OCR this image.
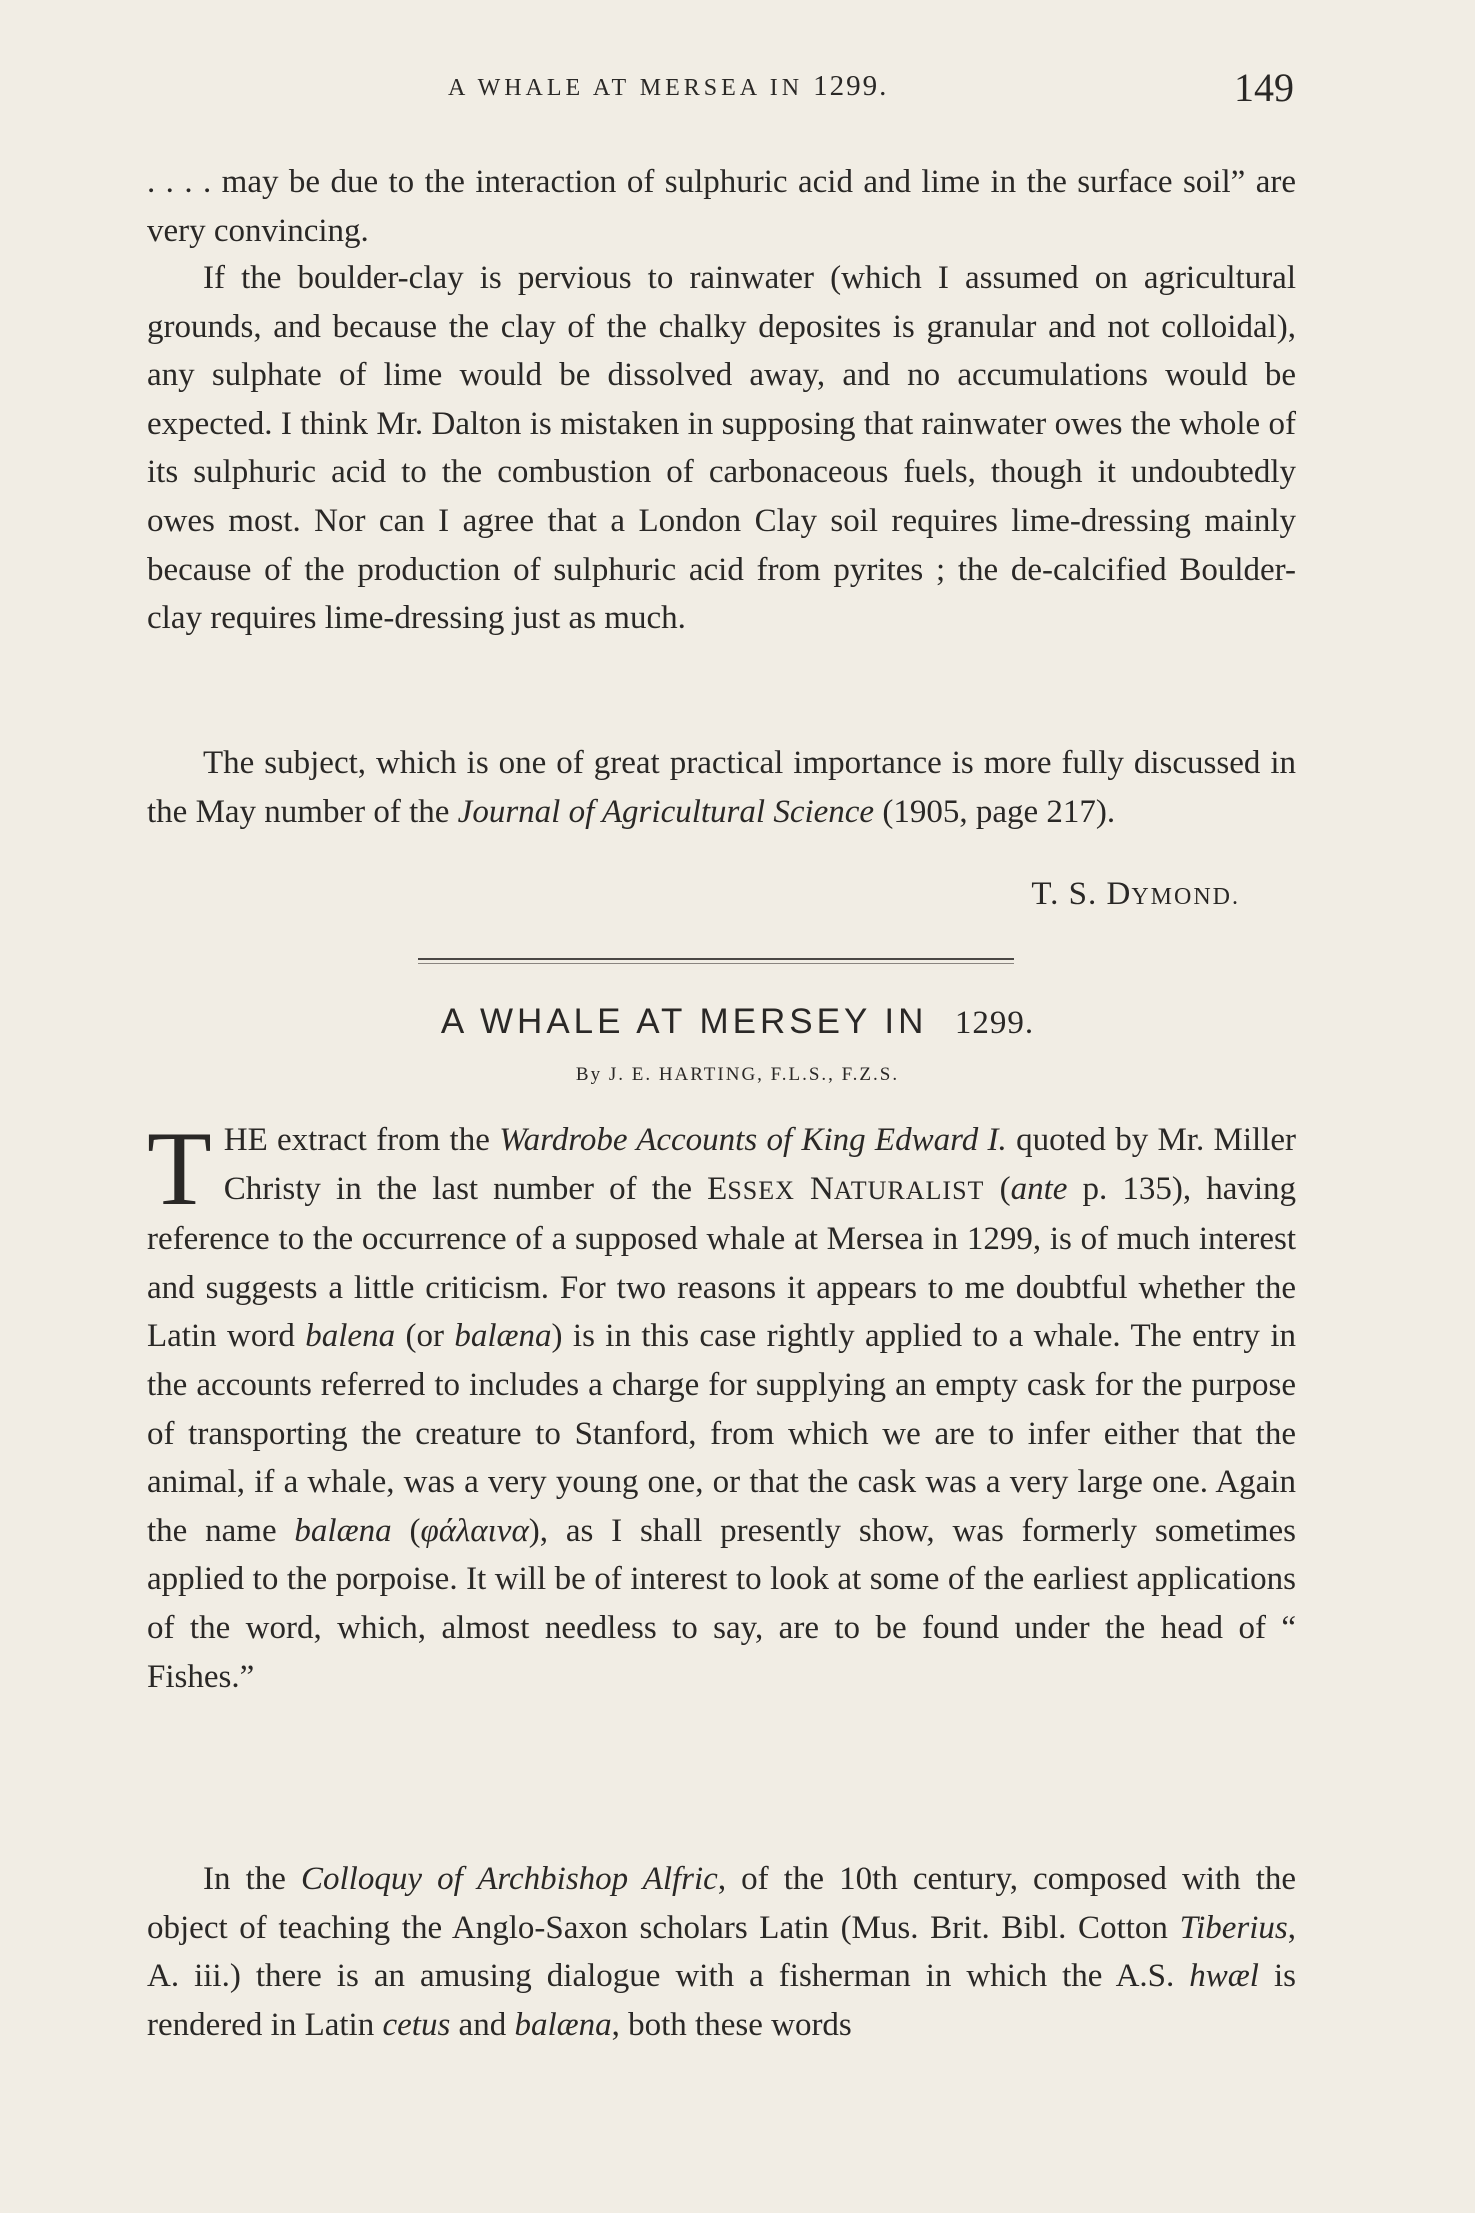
A WHALE AT MERSEA IN 1299.	149

. . . . may be due to the interaction of sulphuric acid and lime in the surface soil” are very convincing.

If the boulder-clay is pervious to rainwater (which I assumed on agricultural grounds, and because the clay of the chalky deposites is granular and not colloidal), any sulphate of lime would be dissolved away, and no accumulations would be expected. I think Mr. Dalton is mistaken in supposing that rainwater owes the whole of its sulphuric acid to the combustion of carbonaceous fuels, though it undoubtedly owes most. Nor can I agree that a London Clay soil requires lime-dressing mainly because of the production of sulphuric acid from pyrites ; the de-calcified Boulder-clay requires lime-dressing just as much.

The subject, which is one of great practical importance is more fully discussed in the May number of the Journal of Agricultural Science (1905, page 217).

T. S. DYMOND.
A WHALE AT MERSEY IN 1299.
By J. E. HARTING, F.L.S., F.Z.S.

THE extract from the Wardrobe Accounts of King Edward I. quoted by Mr. Miller Christy in the last number of the ESSEX NATURALIST (ante p. 135), having reference to the occurrence of a supposed whale at Mersea in 1299, is of much interest and suggests a little criticism. For two reasons it appears to me doubtful whether the Latin word balena (or balæna) is in this case rightly applied to a whale. The entry in the accounts referred to includes a charge for supplying an empty cask for the purpose of transporting the creature to Stanford, from which we are to infer either that the animal, if a whale, was a very young one, or that the cask was a very large one. Again the name balæna (φάλαινα), as I shall presently show, was formerly sometimes applied to the porpoise. It will be of interest to look at some of the earliest applications of the word, which, almost needless to say, are to be found under the head of “ Fishes.”

In the Colloquy of Archbishop Alfric, of the 10th century, composed with the object of teaching the Anglo-Saxon scholars Latin (Mus. Brit. Bibl. Cotton Tiberius, A. iii.) there is an amusing dialogue with a fisherman in which the A.S. hwæl is rendered in Latin cetus and balæna, both these words
